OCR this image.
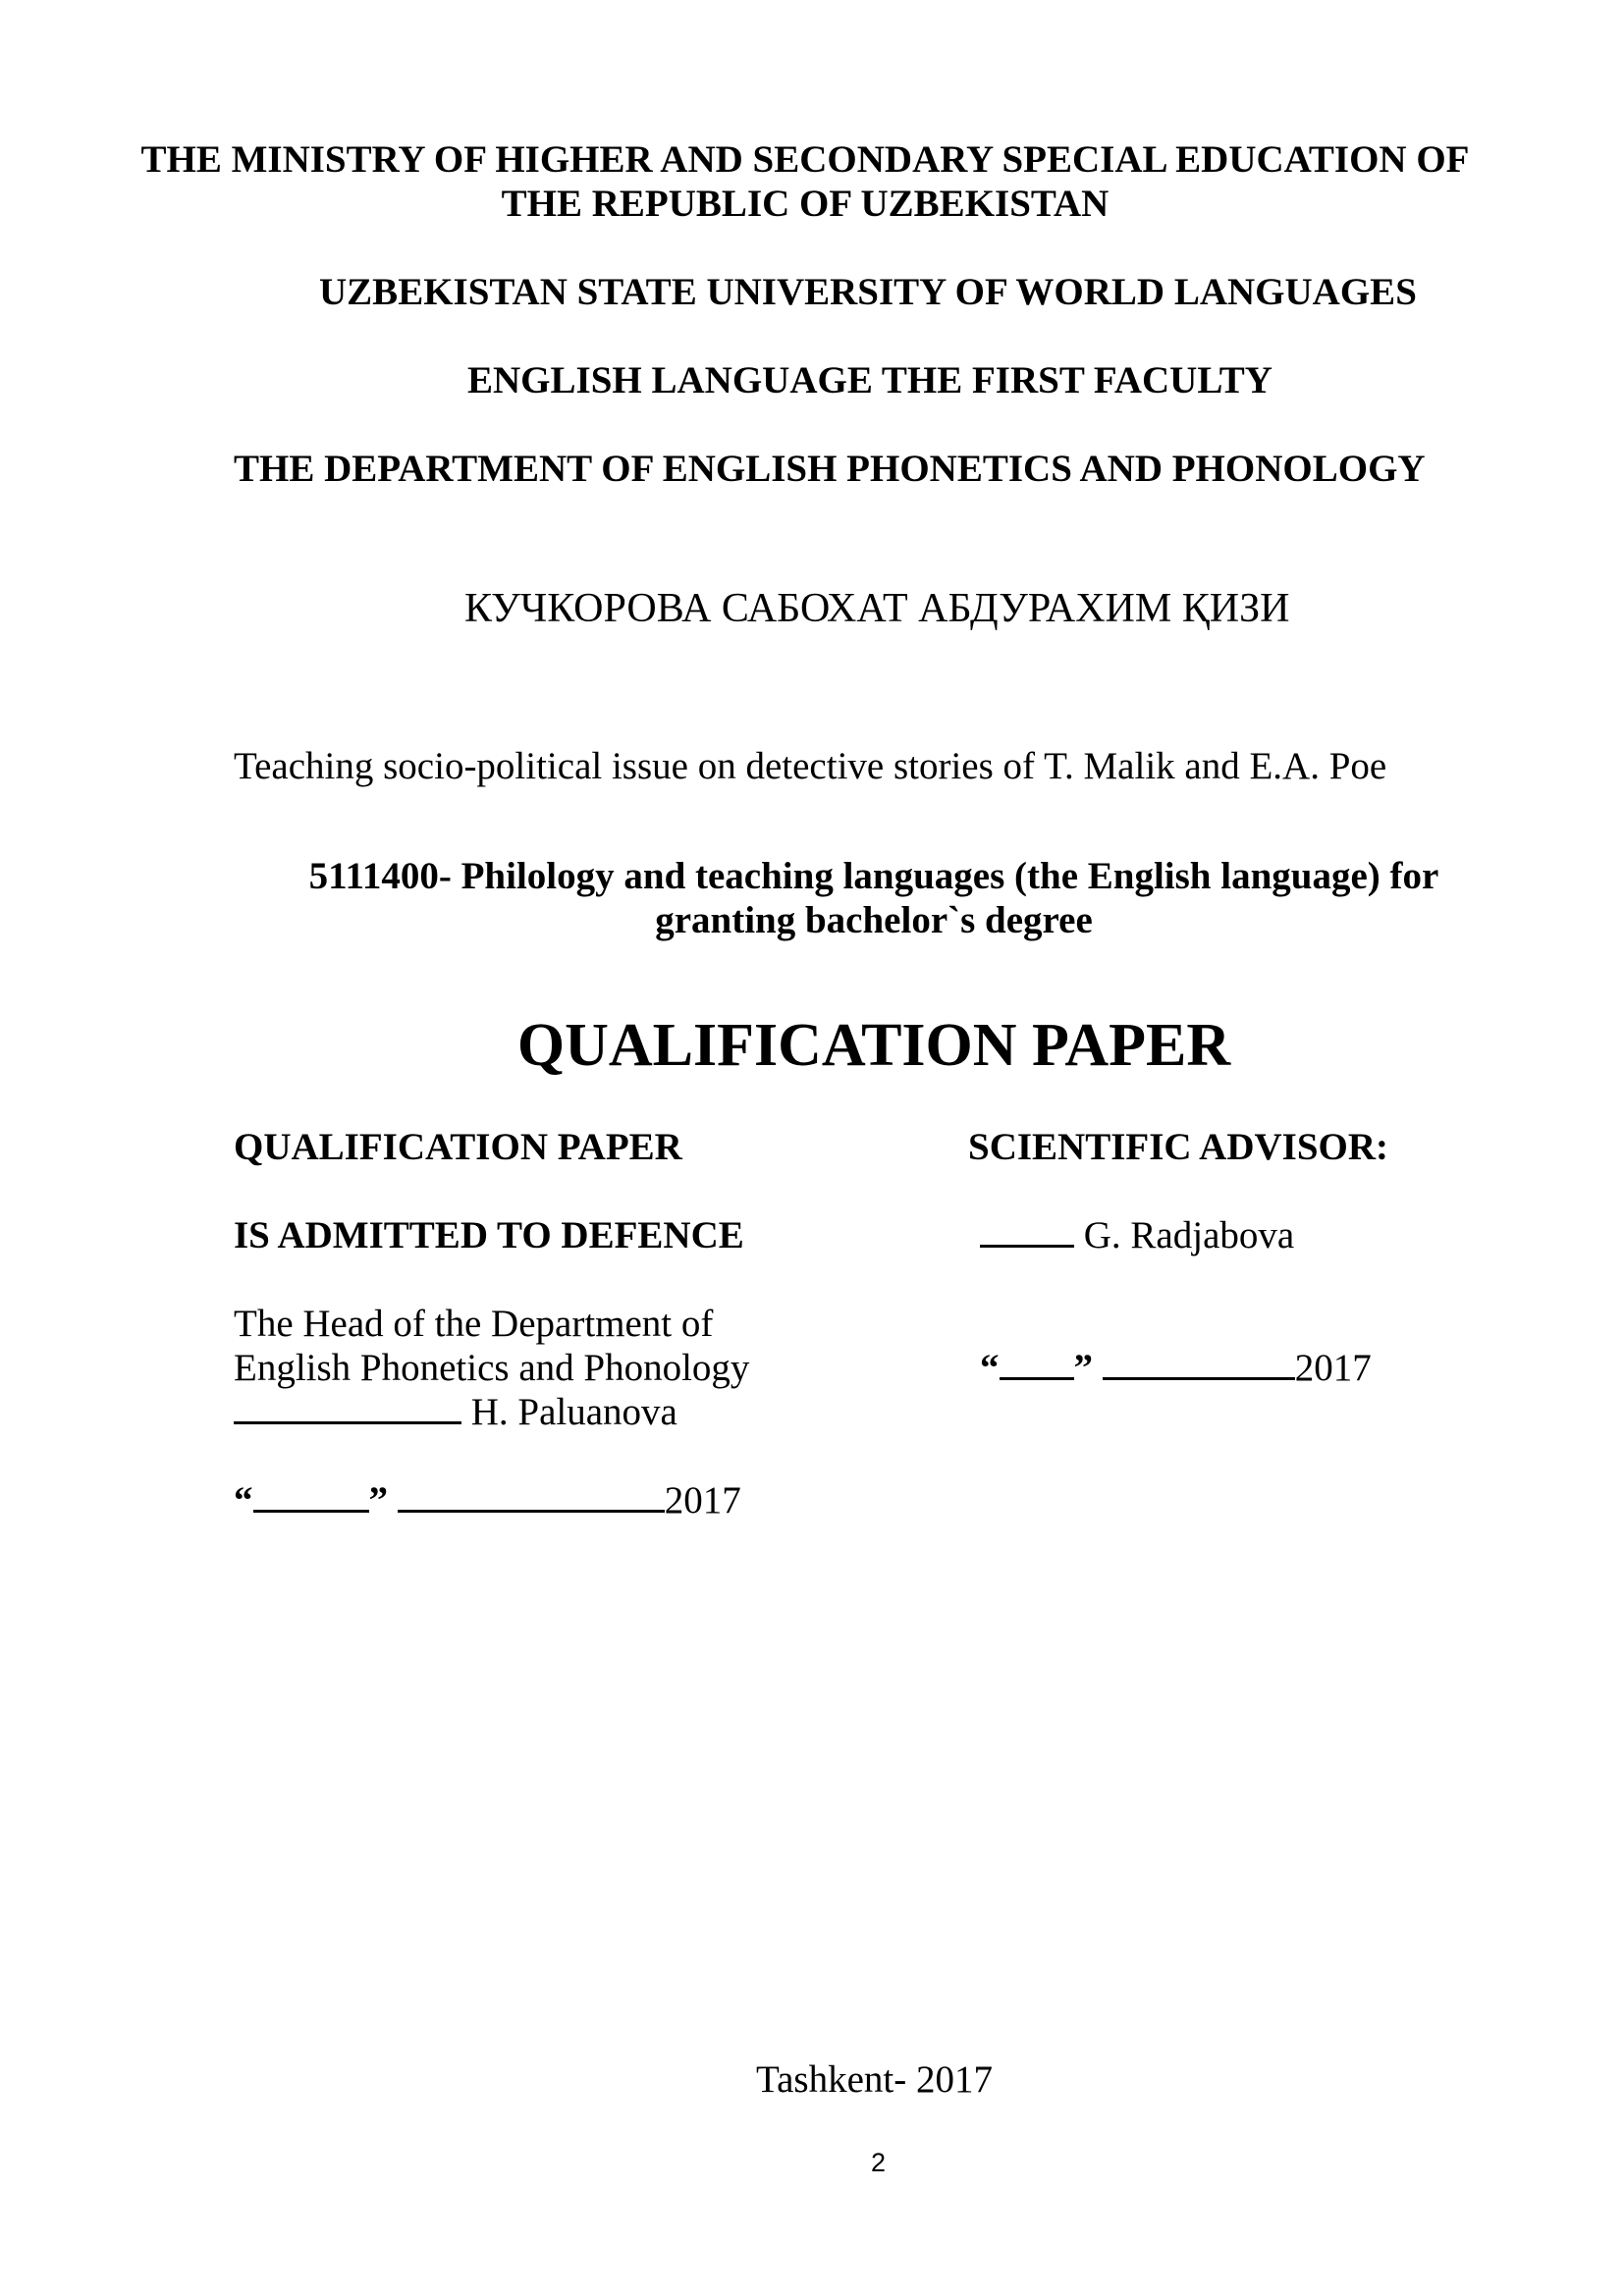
THE MINISTRY OF HIGHER AND SECONDARY SPECIAL EDUCATION OF
THE REPUBLIC OF UZBEKISTAN
UZBEKISTAN STATE UNIVERSITY OF WORLD LANGUAGES
ENGLISH LANGUAGE THE FIRST FACULTY
THE DEPARTMENT OF ENGLISH PHONETICS AND PHONOLOGY
КУЧКОРОВА САБОХАТ АБДУРАХИМ ҚИЗИ
Teaching socio-political issue on detective stories of T. Malik and E.A. Poe
5111400- Philology and teaching languages (the English language) for
granting bachelor`s degree
QUALIFICATION PAPER
QUALIFICATION PAPER
IS ADMITTED TO DEFENCE
The Head of the Department of
English Phonetics and Phonology
H. Paluanova
“	”	2017
SCIENTIFIC ADVISOR:
G. Radjabova
“ ”	2017
Tashkent- 2017
2
